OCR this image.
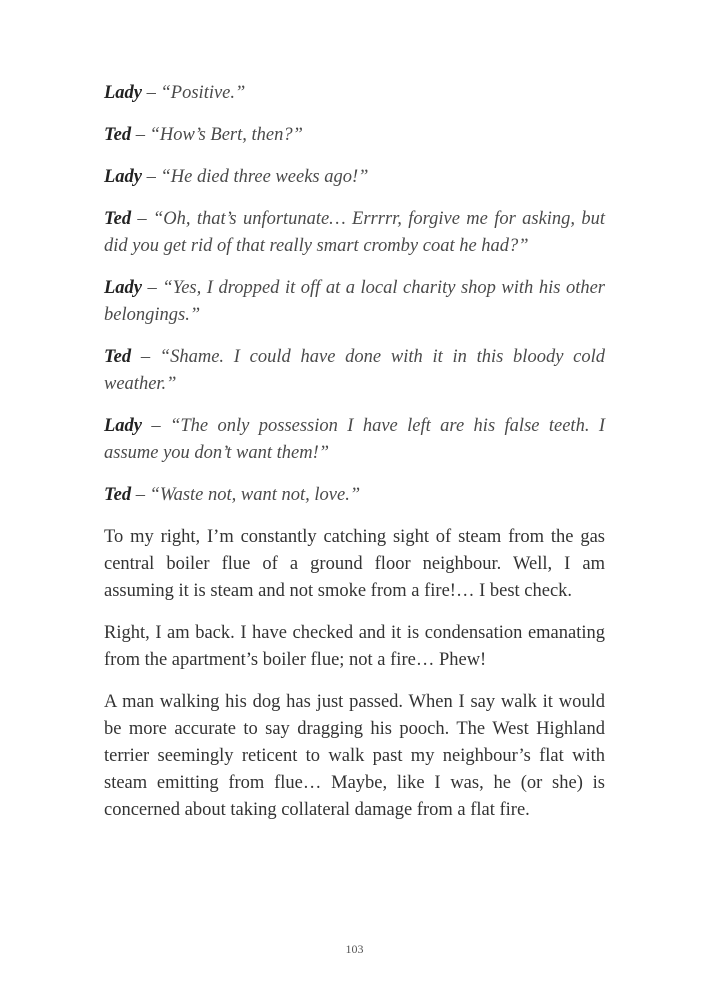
Lady – “Positive.”

Ted – “How’s Bert, then?”

Lady – “He died three weeks ago!”

Ted – “Oh, that’s unfortunate… Errrrr, forgive me for asking, but did you get rid of that really smart cromby coat he had?”

Lady – “Yes, I dropped it off at a local charity shop with his other belongings.”

Ted – “Shame. I could have done with it in this bloody cold weather.”

Lady – “The only possession I have left are his false teeth. I assume you don’t want them!”

Ted – “Waste not, want not, love.”

To my right, I’m constantly catching sight of steam from the gas central boiler flue of a ground floor neighbour. Well, I am assuming it is steam and not smoke from a fire!… I best check.

Right, I am back. I have checked and it is condensation emanating from the apartment’s boiler flue; not a fire… Phew!

A man walking his dog has just passed. When I say walk it would be more accurate to say dragging his pooch. The West Highland terrier seemingly reticent to walk past my neighbour’s flat with steam emitting from flue… Maybe, like I was, he (or she) is concerned about taking collateral damage from a flat fire.

103
